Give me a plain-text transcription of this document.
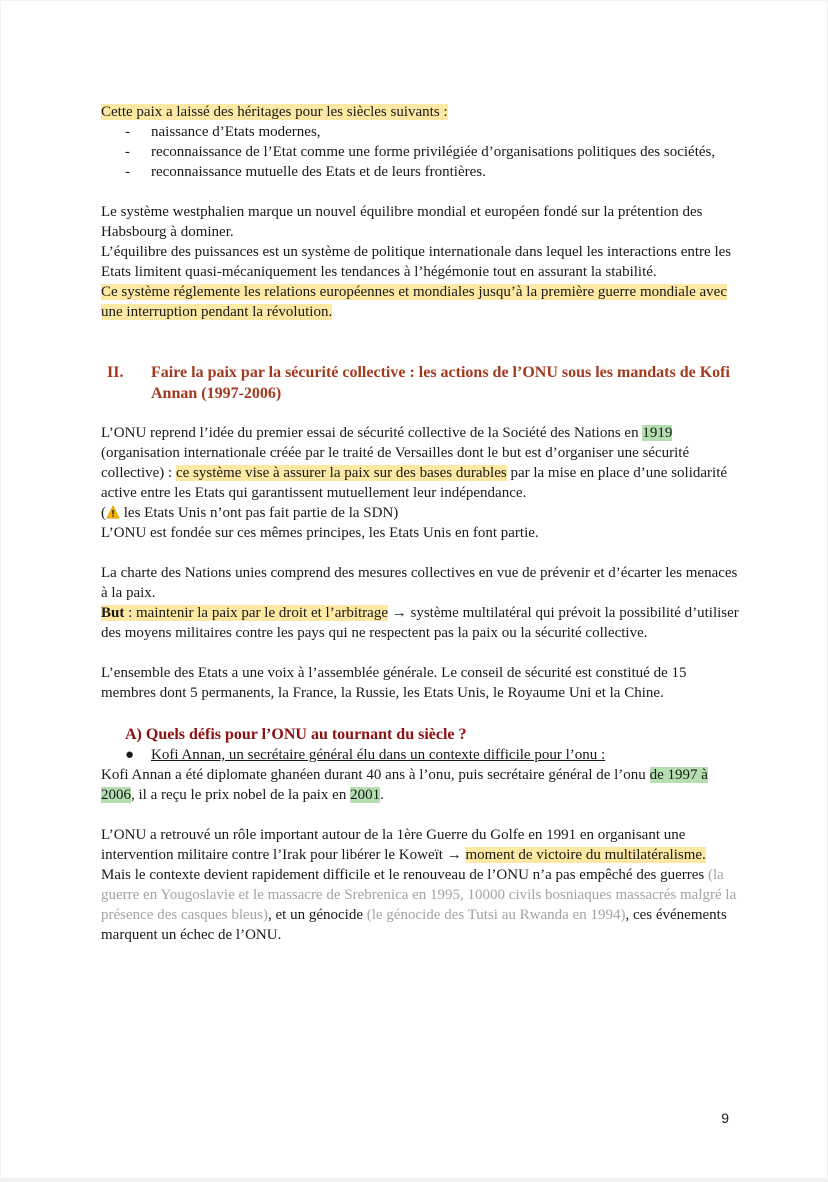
Cette paix a laissé des héritages pour les siècles suivants :

- naissance d’Etats modernes,
- reconnaissance de l’Etat comme une forme privilégiée d’organisations politiques des sociétés,
- reconnaissance mutuelle des Etats et de leurs frontières.

Le système westphalien marque un nouvel équilibre mondial et européen fondé sur la prétention des Habsbourg à dominer.

L’équilibre des puissances est un système de politique internationale dans lequel les interactions entre les Etats limitent quasi-mécaniquement les tendances à l’hégémonie tout en assurant la stabilité.

Ce système réglemente les relations européennes et mondiales jusqu’à la première guerre mondiale avec une interruption pendant la révolution.

II.	Faire la paix par la sécurité collective : les actions de l’ONU sous les mandats de Kofi Annan (1997-2006)

L’ONU reprend l’idée du premier essai de sécurité collective de la Société des Nations en 1919 (organisation internationale créée par le traité de Versailles dont le but est d’organiser une sécurité collective) : ce système vise à assurer la paix sur des bases durables par la mise en place d’une solidarité active entre les Etats qui garantissent mutuellement leur indépendance.

( les Etats Unis n’ont pas fait partie de la SDN)

L’ONU est fondée sur ces mêmes principes, les Etats Unis en font partie.

La charte des Nations unies comprend des mesures collectives en vue de prévenir et d’écarter les menaces à la paix.

But : maintenir la paix par le droit et l’arbitrage → système multilatéral qui prévoit la possibilité d’utiliser des moyens militaires contre les pays qui ne respectent pas la paix ou la sécurité collective.

L’ensemble des Etats a une voix à l’assemblée générale. Le conseil de sécurité est constitué de 15 membres dont 5 permanents, la France, la Russie, les Etats Unis, le Royaume Uni et la Chine.

A) Quels défis pour l’ONU au tournant du siècle ?
●	Kofi Annan, un secrétaire général élu dans un contexte difficile pour l’onu :

Kofi Annan a été diplomate ghanéen durant 40 ans à l’onu, puis secrétaire général de l’onu de 1997 à 2006, il a reçu le prix nobel de la paix en 2001.

L’ONU a retrouvé un rôle important autour de la 1ère Guerre du Golfe en 1991 en organisant une intervention militaire contre l’Irak pour libérer le Koweït → moment de victoire du multilatéralisme.

Mais le contexte devient rapidement difficile et le renouveau de l’ONU n’a pas empêché des guerres (la guerre en Yougoslavie et le massacre de Srebrenica en 1995, 10000 civils bosniaques massacrés malgré la présence des casques bleus), et un génocide (le génocide des Tutsi au Rwanda en 1994), ces événements marquent un échec de l’ONU.

9
